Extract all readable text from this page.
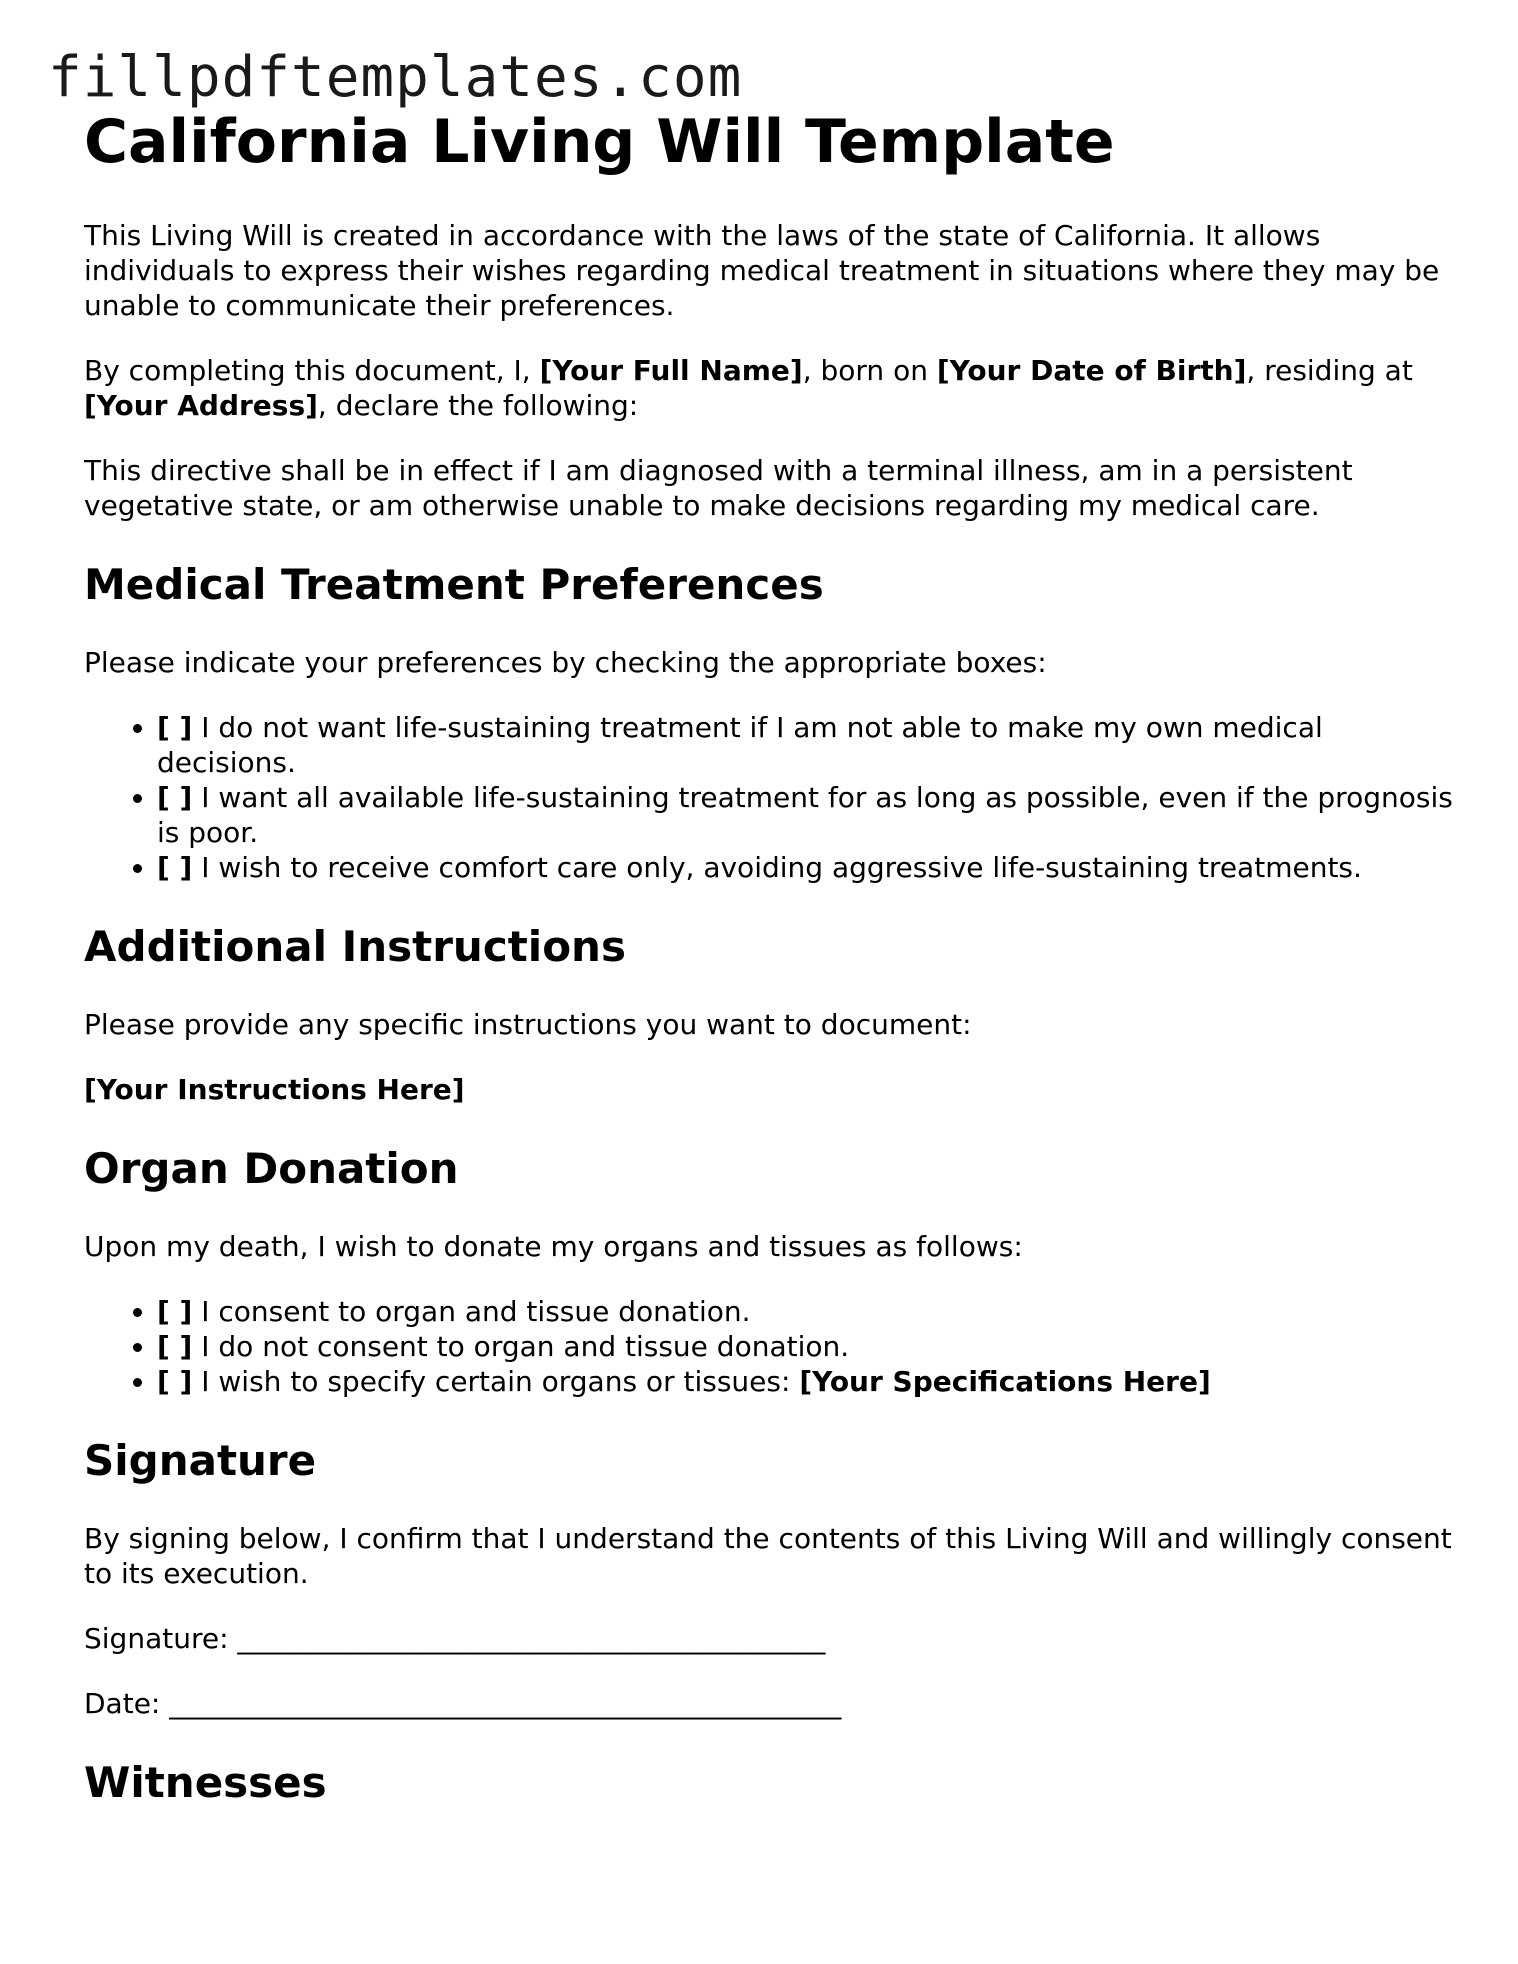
fillpdftemplates.com
California Living Will Template

This Living Will is created in accordance with the laws of the state of California. It allows individuals to express their wishes regarding medical treatment in situations where they may be unable to communicate their preferences.

By completing this document, I, [Your Full Name], born on [Your Date of Birth], residing at [Your Address], declare the following:

This directive shall be in effect if I am diagnosed with a terminal illness, am in a persistent vegetative state, or am otherwise unable to make decisions regarding my medical care.

Medical Treatment Preferences

Please indicate your preferences by checking the appropriate boxes:

• [ ] I do not want life-sustaining treatment if I am not able to make my own medical decisions.
• [ ] I want all available life-sustaining treatment for as long as possible, even if the prognosis is poor.
• [ ] I wish to receive comfort care only, avoiding aggressive life-sustaining treatments.
Additional Instructions

Please provide any specific instructions you want to document:

[Your Instructions Here]

Organ Donation

Upon my death, I wish to donate my organs and tissues as follows:

• [ ] I consent to organ and tissue donation.
• [ ] I do not consent to organ and tissue donation.
• [ ] I wish to specify certain organs or tissues: [Your Specifications Here]
Signature

By signing below, I confirm that I understand the contents of this Living Will and willingly consent to its execution.

Signature: __________________________________________

Date: ________________________________________________

Witnesses
